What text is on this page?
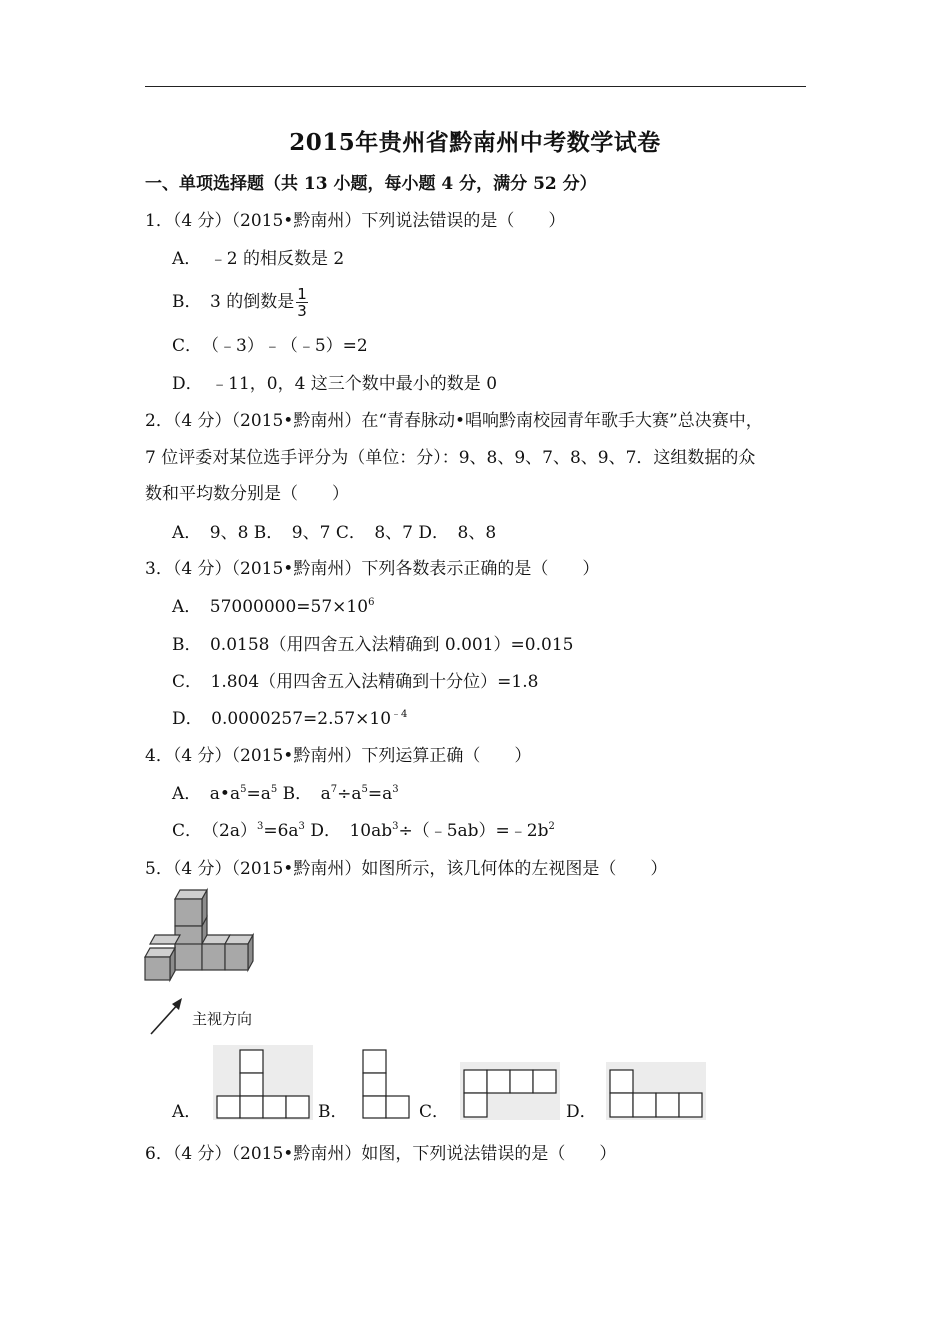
2015年贵州省黔南州中考数学试卷
一、单项选择题（共 13 小题，每小题 4 分，满分 52 分）
1．（4 分）（2015•黔南州）下列说法错误的是（　　）
A．　﹣2 的相反数是 2
B．　3 的倒数是 $\frac{1}{3}$
C．　（﹣3）﹣（﹣5）=2
D．　﹣11，0，4 这三个数中最小的数是 0
2．（4 分）（2015•黔南州）在“青春脉动•唱响黔南校园青年歌手大赛”总决赛中，
7 位评委对某位选手评分为（单位：分）：9、8、9、7、8、9、7．这组数据的众
数和平均数分别是（　　）
A．　9、8 B．　9、7 C．　8、7 D．　8、8
3．（4 分）（2015•黔南州）下列各数表示正确的是（　　）
A．　$57000000=57\times 10^6$
B．　0.0158（用四舍五入法精确到 0.001）=0.015
C．　1.804（用四舍五入法精确到十分位）=1.8
D．　$0.0000257=2.57\times 10^{﹣4}$
4．（4 分）（2015•黔南州）下列运算正确（　　）
A．　$a•a^5=a^5$ B．　$a^7\div a^5=a^3$
C．　$(2a)^3=6a^3$ D．　$10ab^3\div(﹣5ab)=﹣2b^2$
5．（4 分）（2015•黔南州）如图所示，该几何体的左视图是（　　）
主视方向
A．	B．	C．	D．
6．（4 分）（2015•黔南州）如图，下列说法错误的是（　　）
